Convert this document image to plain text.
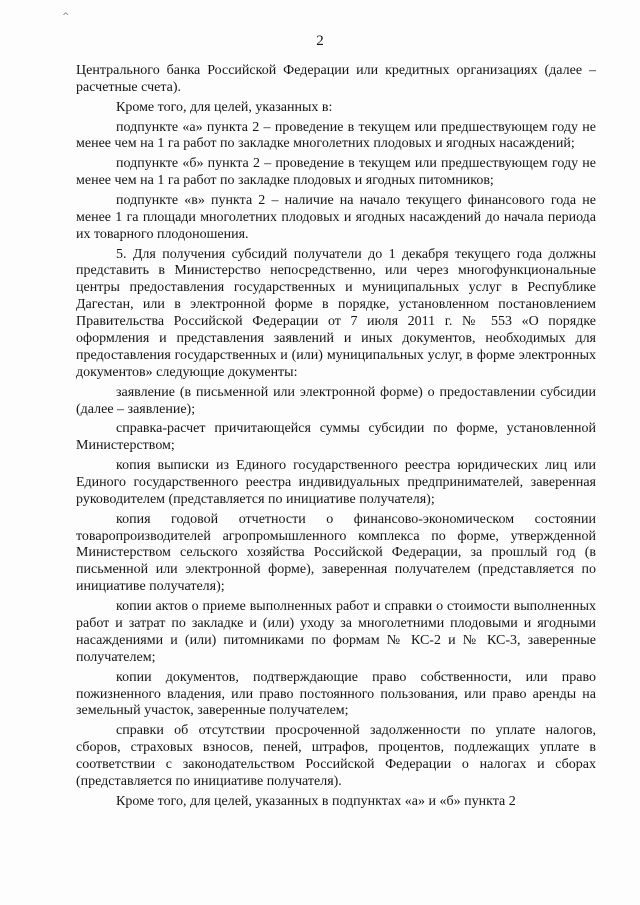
^
2

Центрального банка Российской Федерации или кредитных организациях (далее – расчетные счета).

Кроме того, для целей, указанных в:

подпункте «а» пункта 2 – проведение в текущем или предшествующем году не менее чем на 1 га работ по закладке многолетних плодовых и ягодных насаждений;

подпункте «б» пункта 2 – проведение в текущем или предшествующем году не менее чем на 1 га работ по закладке плодовых и ягодных питомников;

подпункте «в» пункта 2 – наличие на начало текущего финансового года не менее 1 га площади многолетних плодовых и ягодных насаждений до начала периода их товарного плодоношения.

5. Для получения субсидий получатели до 1 декабря текущего года должны представить в Министерство непосредственно, или через многофункциональные центры предоставления государственных и муниципальных услуг в Республике Дагестан, или в электронной форме в порядке, установленном постановлением Правительства Российской Федерации от 7 июля 2011 г. № 553 «О порядке оформления и представления заявлений и иных документов, необходимых для предоставления государственных и (или) муниципальных услуг, в форме электронных документов» следующие документы:

заявление (в письменной или электронной форме) о предоставлении субсидии (далее – заявление);

справка-расчет причитающейся суммы субсидии по форме, установленной Министерством;

копия выписки из Единого государственного реестра юридических лиц или Единого государственного реестра индивидуальных предпринимателей, заверенная руководителем (представляется по инициативе получателя);

копия годовой отчетности о финансово-экономическом состоянии товаропроизводителей агропромышленного комплекса по форме, утвержденной Министерством сельского хозяйства Российской Федерации, за прошлый год (в письменной или электронной форме), заверенная получателем (представляется по инициативе получателя);

копии актов о приеме выполненных работ и справки о стоимости выполненных работ и затрат по закладке и (или) уходу за многолетними плодовыми и ягодными насаждениями и (или) питомниками по формам № КС-2 и № КС-3, заверенные получателем;

копии документов, подтверждающие право собственности, или право пожизненного владения, или право постоянного пользования, или право аренды на земельный участок, заверенные получателем;

справки об отсутствии просроченной задолженности по уплате налогов, сборов, страховых взносов, пеней, штрафов, процентов, подлежащих уплате в соответствии с законодательством Российской Федерации о налогах и сборах (представляется по инициативе получателя).

Кроме того, для целей, указанных в подпунктах «а» и «б» пункта 2
